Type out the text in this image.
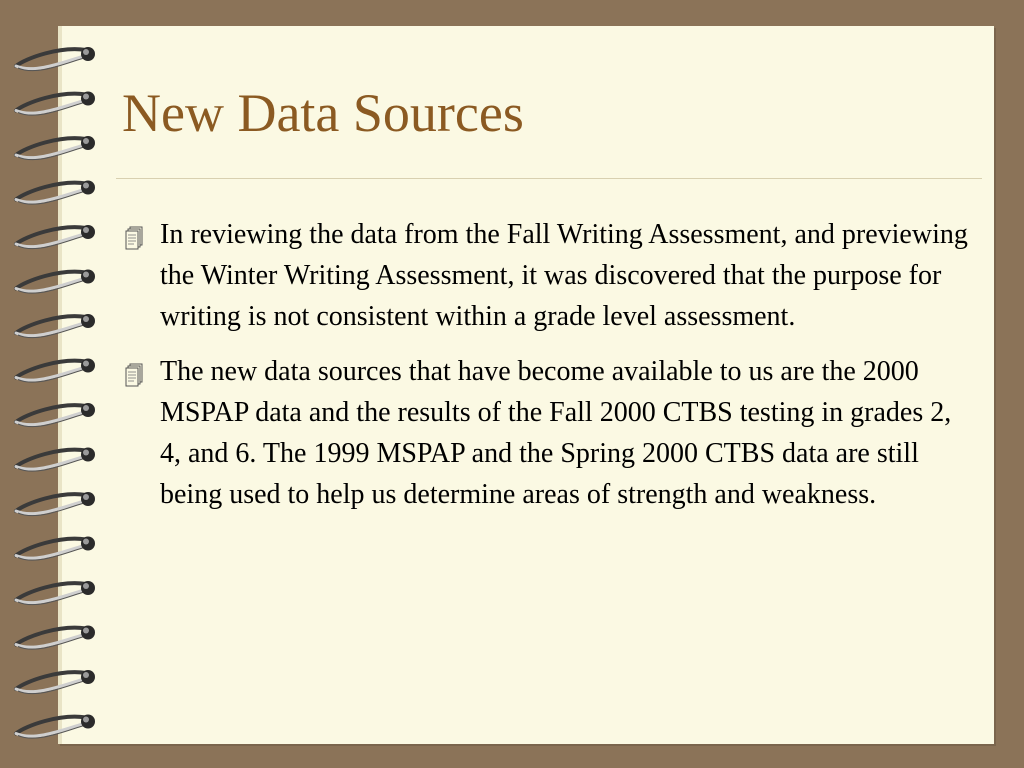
New Data Sources
In reviewing the data from the Fall Writing Assessment, and previewing the Winter Writing Assessment, it was discovered that the purpose for writing is not consistent within a grade level assessment.
The new data sources that have become available to us are the 2000 MSPAP data and the results of the Fall 2000 CTBS testing in grades 2, 4, and 6. The 1999 MSPAP and the Spring 2000 CTBS data are still being used to help us determine areas of strength and weakness.
